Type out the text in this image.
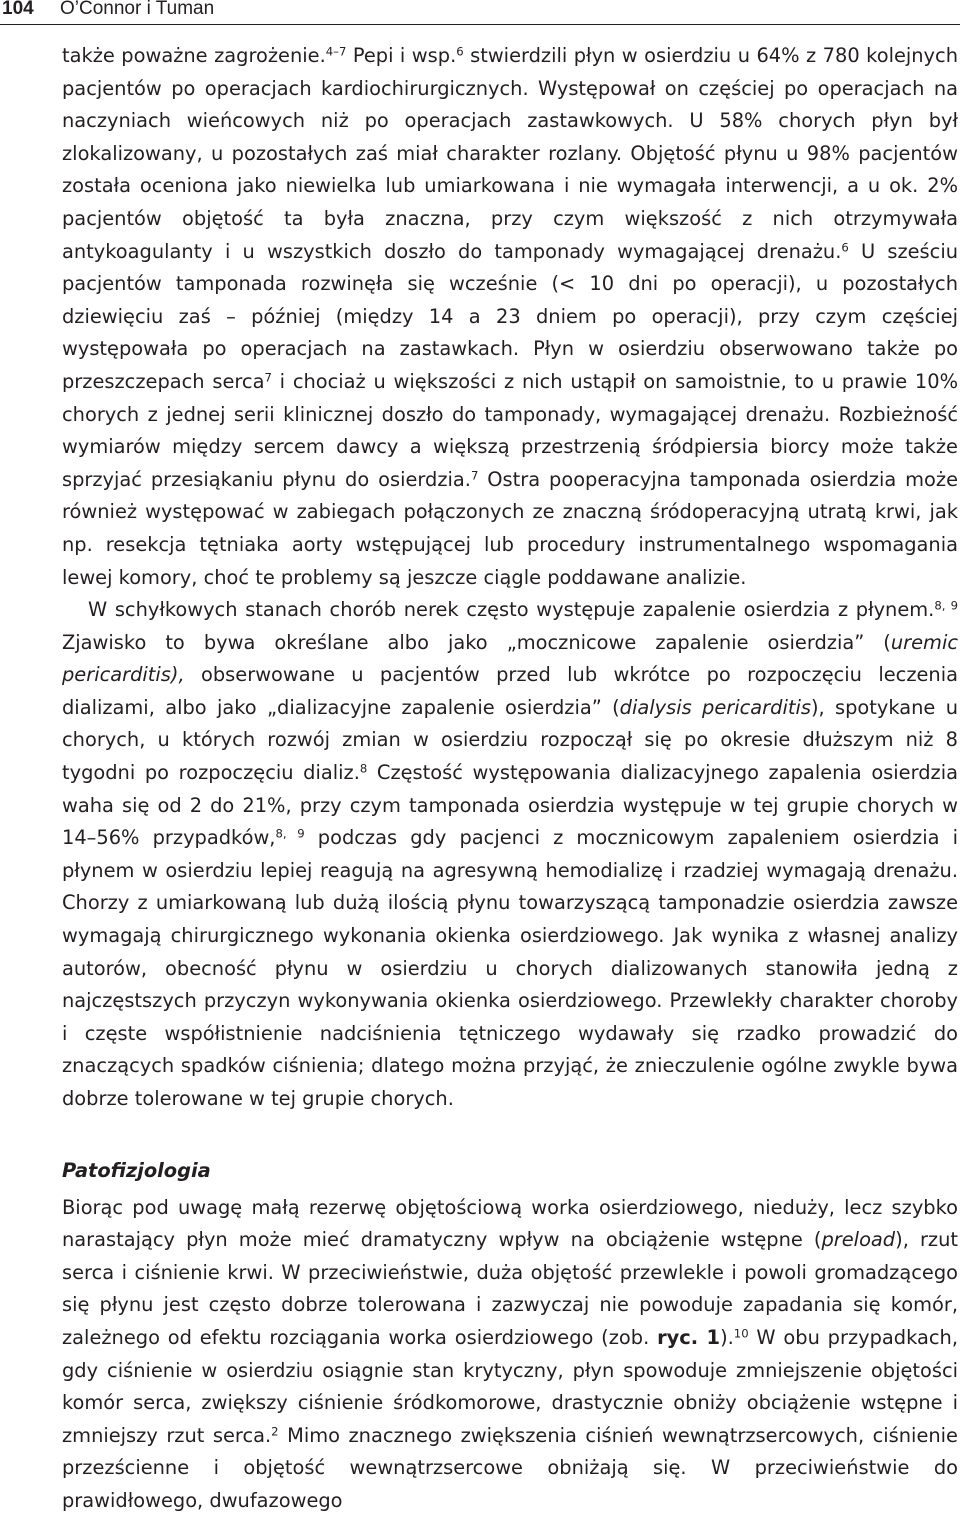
104 O’Connor i Tuman

także poważne zagrożenie.$^{4-7}$ Pepi i wsp.$^6$ stwierdzili płyn w osierdziu u 64% z 780 kolejnych pacjentów po operacjach kardiochirurgicznych. Występował on częściej po operacjach na naczyniach wieńcowych niż po operacjach zastawkowych. U 58% chorych płyn był zlokalizowany, u pozostałych zaś miał charakter rozlany. Objętość płynu u 98% pacjentów została oceniona jako niewielka lub umiarkowana i nie wymagała interwencji, a u ok. 2% pacjentów objętość ta była znaczna, przy czym większość z nich otrzymywała antykoagulanty i u wszystkich doszło do tamponady wymagającej drenażu.$^6$ U sześciu pacjentów tamponada rozwinęła się wcześnie (< 10 dni po operacji), u pozostałych dziewięciu zaś – później (między 14 a 23 dniem po operacji), przy czym częściej występowała po operacjach na zastawkach. Płyn w osierdziu obserwowano także po przeszczepach serca$^7$ i chociaż u większości z nich ustąpił on samoistnie, to u prawie 10% chorych z jednej serii klinicznej doszło do tamponady, wymagającej drenażu. Rozbieżność wymiarów między sercem dawcy a większą przestrzenią śródpiersia biorcy może także sprzyjać przesiąkaniu płynu do osierdzia.$^7$ Ostra pooperacyjna tamponada osierdzia może również występować w zabiegach połączonych ze znaczną śródoperacyjną utratą krwi, jak np. resekcja tętniaka aorty wstępującej lub procedury instrumentalnego wspomagania lewej komory, choć te problemy są jeszcze ciągle poddawane analizie.

W schyłkowych stanach chorób nerek często występuje zapalenie osierdzia z płynem.$^{8, 9}$ Zjawisko to bywa określane albo jako „mocznicowe zapalenie osierdzia” (uremic pericarditis), obserwowane u pacjentów przed lub wkrótce po rozpoczęciu leczenia dializami, albo jako „dializacyjne zapalenie osierdzia” (dialysis pericarditis), spotykane u chorych, u których rozwój zmian w osierdziu rozpoczął się po okresie dłuższym niż 8 tygodni po rozpoczęciu dializ.$^8$ Częstość występowania dializacyjnego zapalenia osierdzia waha się od 2 do 21%, przy czym tamponada osierdzia występuje w tej grupie chorych w 14–56% przypadków,$^{8, 9}$ podczas gdy pacjenci z mocznicowym zapaleniem osierdzia i płynem w osierdziu lepiej reagują na agresywną hemodializę i rzadziej wymagają drenażu. Chorzy z umiarkowaną lub dużą ilością płynu towarzyszącą tamponadzie osierdzia zawsze wymagają chirurgicznego wykonania okienka osierdziowego. Jak wynika z własnej analizy autorów, obecność płynu w osierdziu u chorych dializowanych stanowiła jedną z najczęstszych przyczyn wykonywania okienka osierdziowego. Przewlekły charakter choroby i częste współistnienie nadciśnienia tętniczego wydawały się rzadko prowadzić do znaczących spadków ciśnienia; dlatego można przyjąć, że znieczulenie ogólne zwykle bywa dobrze tolerowane w tej grupie chorych.

Patofizjologia

Biorąc pod uwagę małą rezerwę objętościową worka osierdziowego, nieduży, lecz szybko narastający płyn może mieć dramatyczny wpływ na obciążenie wstępne (preload), rzut serca i ciśnienie krwi. W przeciwieństwie, duża objętość przewlekle i powoli gromadzącego się płynu jest często dobrze tolerowana i zazwyczaj nie powoduje zapadania się komór, zależnego od efektu rozciągania worka osierdziowego (zob. ryc. 1).$^{10}$ W obu przypadkach, gdy ciśnienie w osierdziu osiągnie stan krytyczny, płyn spowoduje zmniejszenie objętości komór serca, zwiększy ciśnienie śródkomorowe, drastycznie obniży obciążenie wstępne i zmniejszy rzut serca.$^2$ Mimo znacznego zwiększenia ciśnień wewnątrzsercowych, ciśnienie przezścienne i objętość wewnątrzsercowe obniżają się. W przeciwieństwie do prawidłowego, dwufazowego
